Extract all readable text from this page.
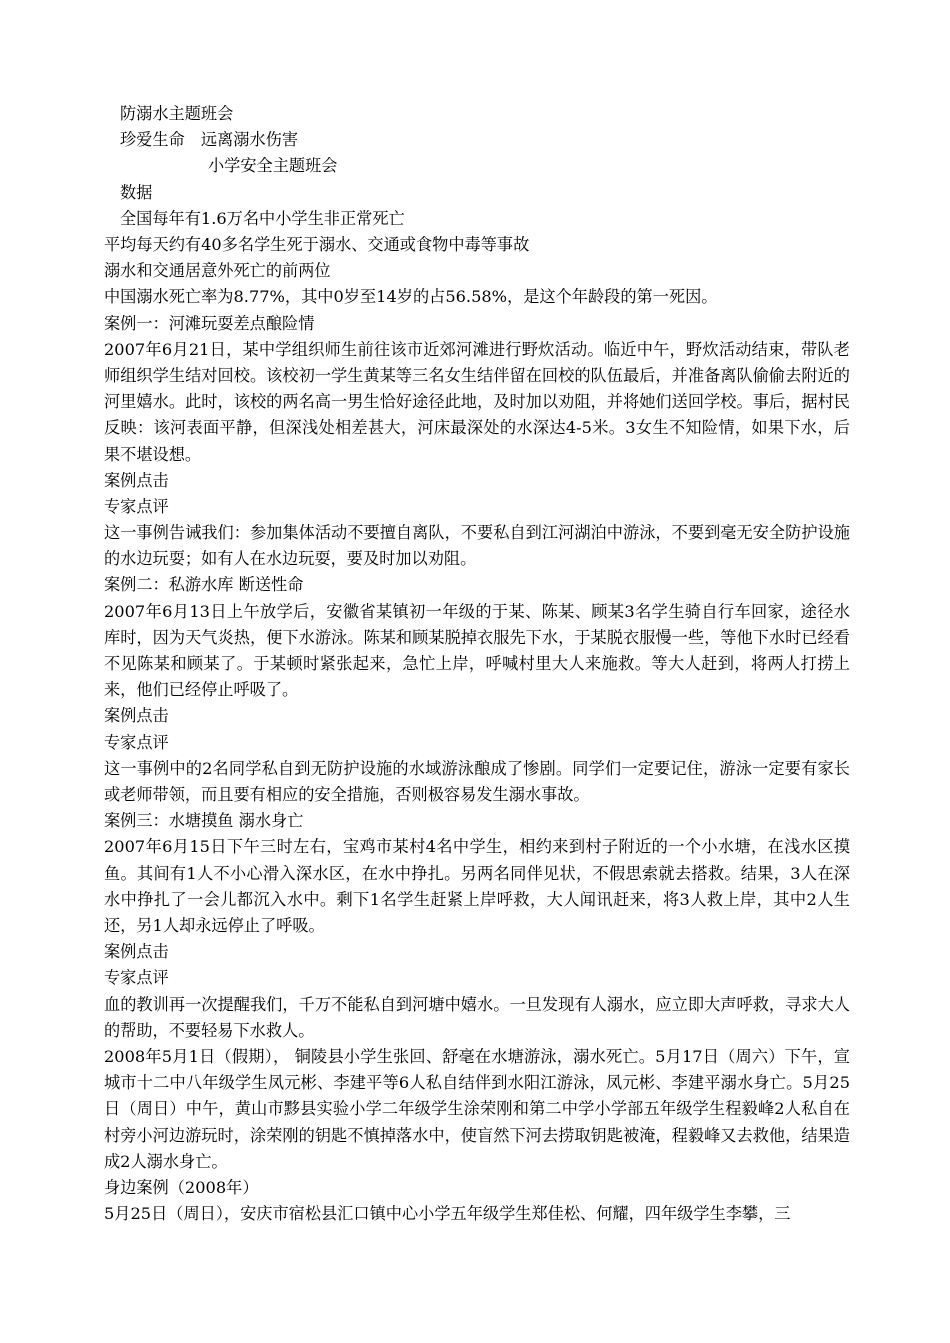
防溺水主题班会
珍爱生命　远离溺水伤害
小学安全主题班会
数据
全国每年有1.6万名中小学生非正常死亡
平均每天约有40多名学生死于溺水、交通或食物中毒等事故
溺水和交通居意外死亡的前两位
中国溺水死亡率为8.77%，其中0岁至14岁的占56.58%，是这个年龄段的第一死因。
案例一：河滩玩耍差点酿险情
2007年6月21日，某中学组织师生前往该市近郊河滩进行野炊活动。临近中午，野炊活动结束，带队老师组织学生结对回校。该校初一学生黄某等三名女生结伴留在回校的队伍最后，并准备离队偷偷去附近的河里嬉水。此时，该校的两名高一男生恰好途径此地，及时加以劝阻，并将她们送回学校。事后，据村民反映：该河表面平静，但深浅处相差甚大，河床最深处的水深达4-5米。3女生不知险情，如果下水，后果不堪设想。
案例点击
专家点评
这一事例告诫我们：参加集体活动不要擅自离队，不要私自到江河湖泊中游泳，不要到毫无安全防护设施的水边玩耍；如有人在水边玩耍，要及时加以劝阻。
案例二：私游水库 断送性命
2007年6月13日上午放学后，安徽省某镇初一年级的于某、陈某、顾某3名学生骑自行车回家，途径水库时，因为天气炎热，便下水游泳。陈某和顾某脱掉衣服先下水，于某脱衣服慢一些，等他下水时已经看不见陈某和顾某了。于某顿时紧张起来，急忙上岸，呼喊村里大人来施救。等大人赶到，将两人打捞上来，他们已经停止呼吸了。
案例点击
专家点评
这一事例中的2名同学私自到无防护设施的水域游泳酿成了惨剧。同学们一定要记住，游泳一定要有家长或老师带领，而且要有相应的安全措施，否则极容易发生溺水事故。
案例三：水塘摸鱼 溺水身亡
2007年6月15日下午三时左右，宝鸡市某村4名中学生，相约来到村子附近的一个小水塘，在浅水区摸鱼。其间有1人不小心滑入深水区，在水中挣扎。另两名同伴见状，不假思索就去搭救。结果，3人在深水中挣扎了一会儿都沉入水中。剩下1名学生赶紧上岸呼救，大人闻讯赶来，将3人救上岸，其中2人生还，另1人却永远停止了呼吸。
案例点击
专家点评
血的教训再一次提醒我们，千万不能私自到河塘中嬉水。一旦发现有人溺水，应立即大声呼救，寻求大人的帮助，不要轻易下水救人。
2008年5月1日（假期）， 铜陵县小学生张回、舒毫在水塘游泳，溺水死亡。5月17日（周六）下午，宣城市十二中八年级学生凤元彬、李建平等6人私自结伴到水阳江游泳，凤元彬、李建平溺水身亡。5月25日（周日）中午，黄山市黟县实验小学二年级学生涂荣刚和第二中学小学部五年级学生程毅峰2人私自在村旁小河边游玩时，涂荣刚的钥匙不慎掉落水中，使盲然下河去捞取钥匙被淹，程毅峰又去救他，结果造成2人溺水身亡。
身边案例（2008年）
5月25日（周日），安庆市宿松县汇口镇中心小学五年级学生郑佳松、何耀，四年级学生李攀，三
